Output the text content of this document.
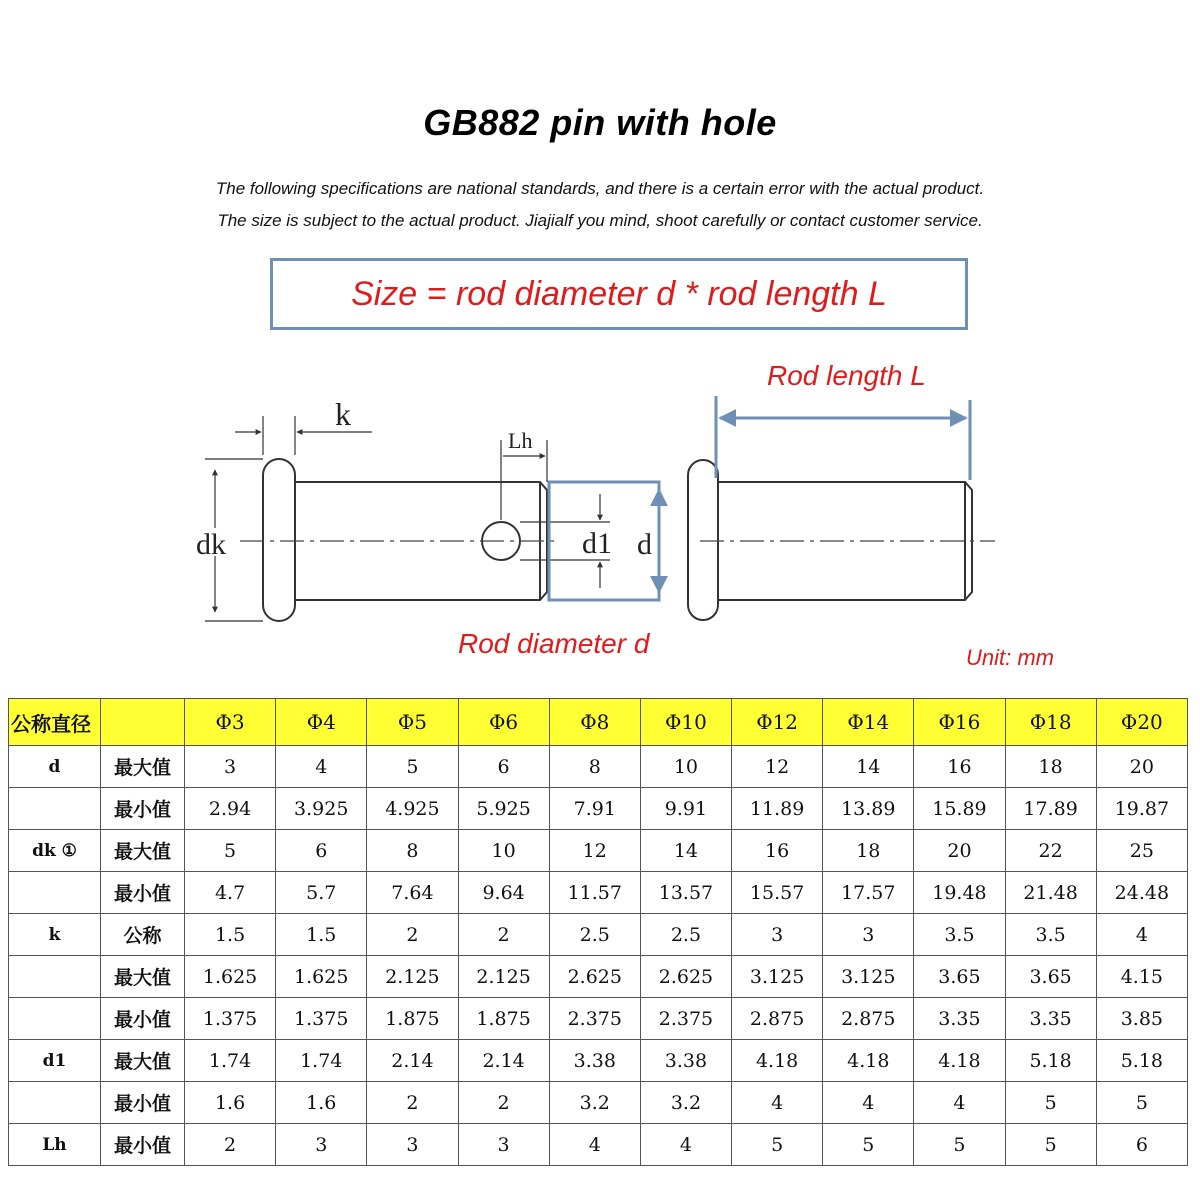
GB882 pin with hole
The following specifications are national standards, and there is a certain error with the actual product.
The size is subject to the actual product. Jiajialf you mind, shoot carefully or contact customer service.
Size = rod diameter d * rod length L
Rod length L
Rod diameter d	Unit: mm
dk
k
Lh
d1 d
公称直径		Φ3	Φ4	Φ5	Φ6	Φ8	Φ10	Φ12	Φ14	Φ16	Φ18	Φ20
d	最大值	3	4	5	6	8	10	12	14	16	18	20
	最小值	2.94	3.925	4.925	5.925	7.91	9.91	11.89	13.89	15.89	17.89	19.87
dk ①	最大值	5	6	8	10	12	14	16	18	20	22	25
	最小值	4.7	5.7	7.64	9.64	11.57	13.57	15.57	17.57	19.48	21.48	24.48
k	公称	1.5	1.5	2	2	2.5	2.5	3	3	3.5	3.5	4
	最大值	1.625	1.625	2.125	2.125	2.625	2.625	3.125	3.125	3.65	3.65	4.15
	最小值	1.375	1.375	1.875	1.875	2.375	2.375	2.875	2.875	3.35	3.35	3.85
d1	最大值	1.74	1.74	2.14	2.14	3.38	3.38	4.18	4.18	4.18	5.18	5.18
	最小值	1.6	1.6	2	2	3.2	3.2	4	4	4	5	5
Lh	最小值	2	3	3	3	4	4	5	5	5	5	6
